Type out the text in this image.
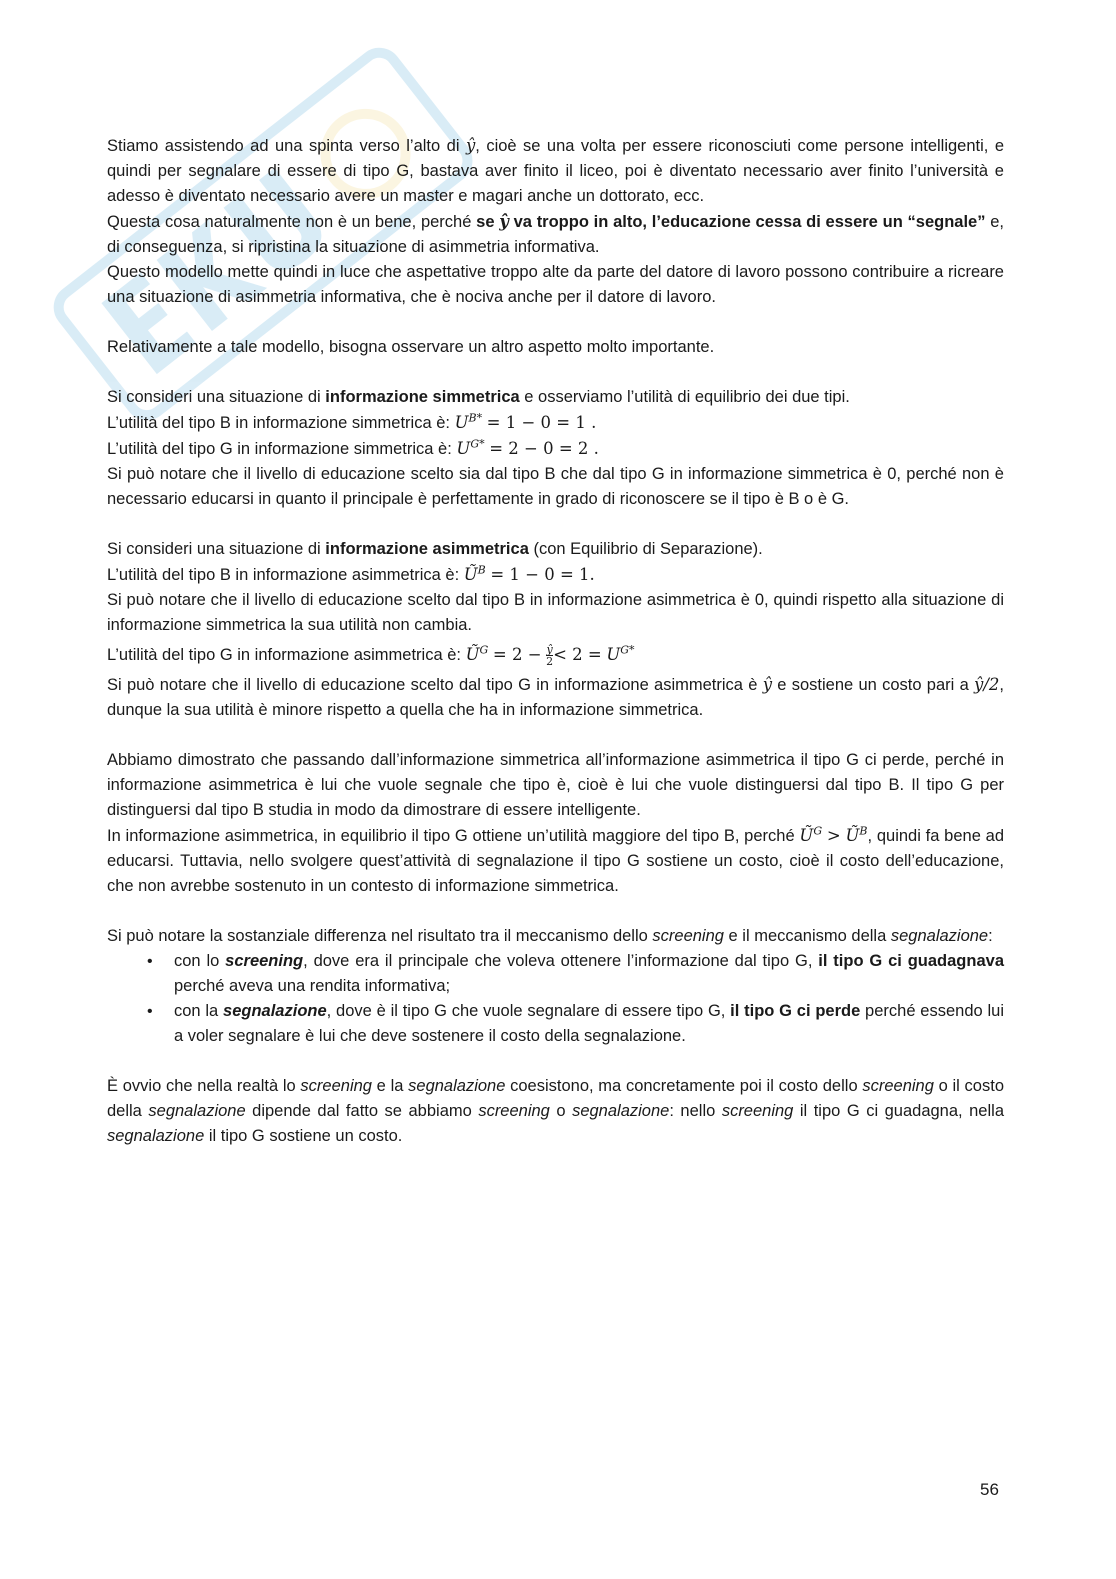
Stiamo assistendo ad una spinta verso l’alto di ŷ, cioè se una volta per essere riconosciuti come persone intelligenti, e quindi per segnalare di essere di tipo G, bastava aver finito il liceo, poi è diventato necessario aver finito l’università e adesso è diventato necessario avere un master e magari anche un dottorato, ecc.

Questa cosa naturalmente non è un bene, perché se ŷ va troppo in alto, l’educazione cessa di essere un “segnale” e, di conseguenza, si ripristina la situazione di asimmetria informativa.

Questo modello mette quindi in luce che aspettative troppo alte da parte del datore di lavoro possono contribuire a ricreare una situazione di asimmetria informativa, che è nociva anche per il datore di lavoro.

Relativamente a tale modello, bisogna osservare un altro aspetto molto importante.

Si consideri una situazione di informazione simmetrica e osserviamo l’utilità di equilibrio dei due tipi.

L’utilità del tipo B in informazione simmetrica è: $U^{B*} = 1 - 0 = 1$ .

L’utilità del tipo G in informazione simmetrica è: $U^{G*} = 2 - 0 = 2$ .

Si può notare che il livello di educazione scelto sia dal tipo B che dal tipo G in informazione simmetrica è 0, perché non è necessario educarsi in quanto il principale è perfettamente in grado di riconoscere se il tipo è B o è G.

Si consideri una situazione di informazione asimmetrica (con Equilibrio di Separazione).

L’utilità del tipo B in informazione asimmetrica è: $Ũ^B = 1 - 0 = 1$.

Si può notare che il livello di educazione scelto dal tipo B in informazione asimmetrica è 0, quindi rispetto alla situazione di informazione simmetrica la sua utilità non cambia.

L’utilità del tipo G in informazione asimmetrica è: $Ũ^G = 2 - \frac{ŷ}{2} < 2 = U^{G*}$

Si può notare che il livello di educazione scelto dal tipo G in informazione asimmetrica è ŷ e sostiene un costo pari a ŷ/2, dunque la sua utilità è minore rispetto a quella che ha in informazione simmetrica.

Abbiamo dimostrato che passando dall’informazione simmetrica all’informazione asimmetrica il tipo G ci perde, perché in informazione asimmetrica è lui che vuole segnale che tipo è, cioè è lui che vuole distinguersi dal tipo B. Il tipo G per distinguersi dal tipo B studia in modo da dimostrare di essere intelligente.

In informazione asimmetrica, in equilibrio il tipo G ottiene un’utilità maggiore del tipo B, perché $Ũ^G$ > $Ũ^B$, quindi fa bene ad educarsi. Tuttavia, nello svolgere quest’attività di segnalazione il tipo G sostiene un costo, cioè il costo dell’educazione, che non avrebbe sostenuto in un contesto di informazione simmetrica.

Si può notare la sostanziale differenza nel risultato tra il meccanismo dello screening e il meccanismo della segnalazione:

• con lo screening, dove era il principale che voleva ottenere l’informazione dal tipo G, il tipo G ci guadagnava perché aveva una rendita informativa;
• con la segnalazione, dove è il tipo G che vuole segnalare di essere tipo G, il tipo G ci perde perché essendo lui a voler segnalare è lui che deve sostenere il costo della segnalazione.

È ovvio che nella realtà lo screening e la segnalazione coesistono, ma concretamente poi il costo dello screening o il costo della segnalazione dipende dal fatto se abbiamo screening o segnalazione: nello screening il tipo G ci guadagna, nella segnalazione il tipo G sostiene un costo.

56
